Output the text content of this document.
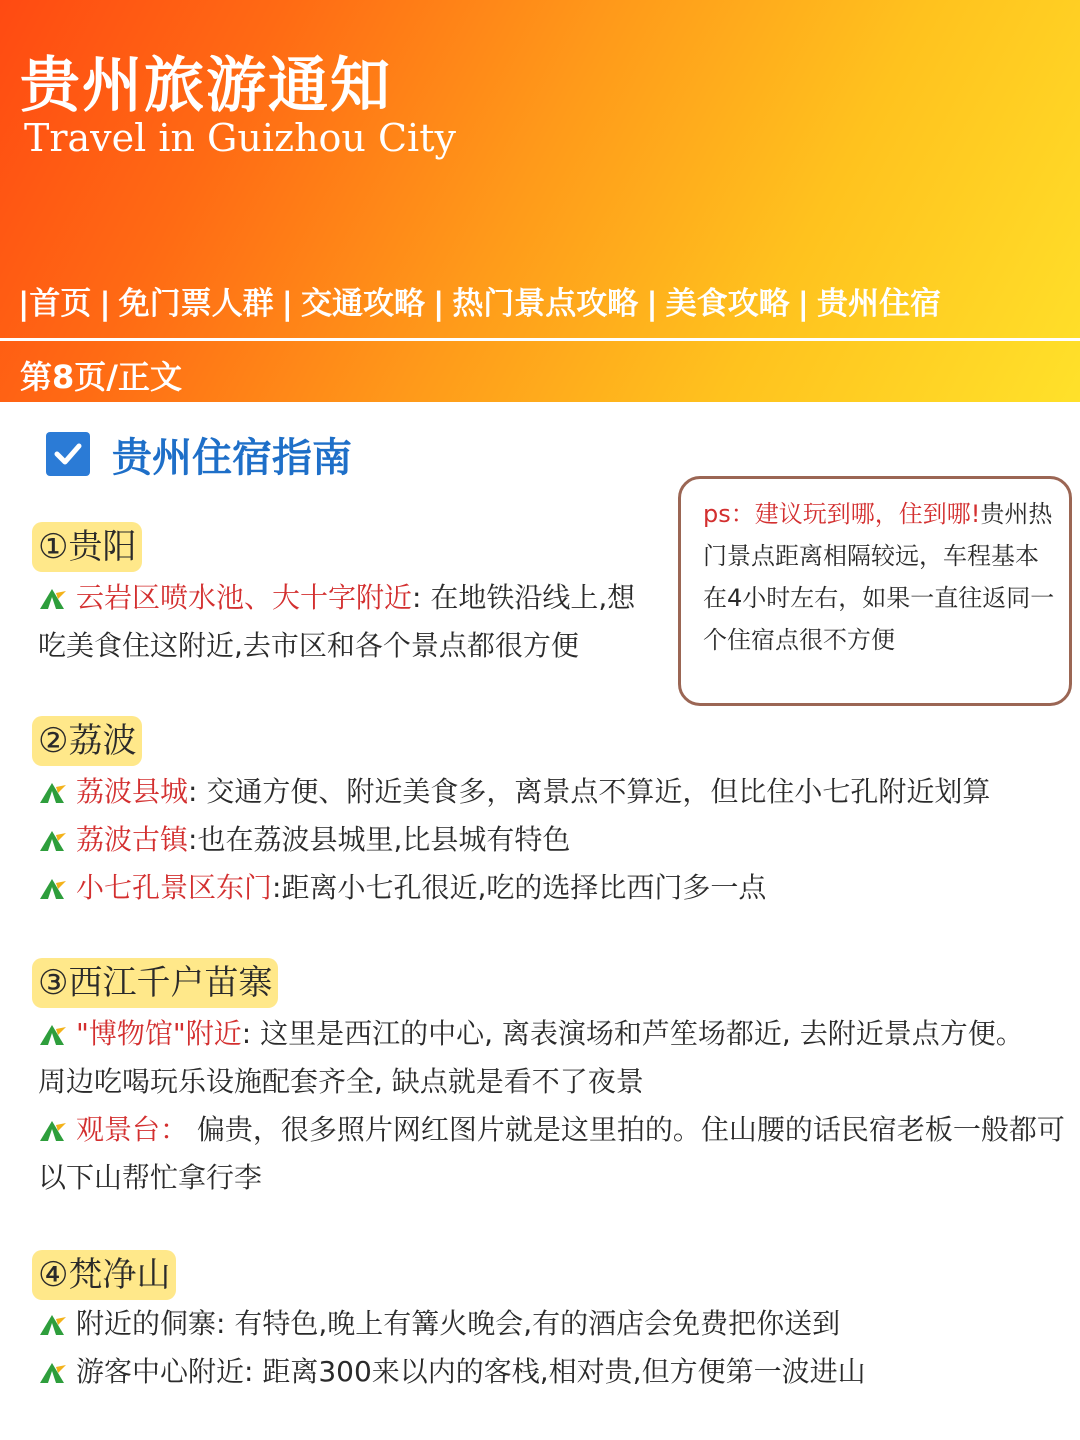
贵州旅游通知

Travel in Guizhou City

|首页 | 免门票人群 | 交通攻略 | 热门景点攻略 | 美食攻略 | 贵州住宿
第8页/正文
贵州住宿指南
ps：建议玩到哪，住到哪!贵州热门景点距离相隔较远，车程基本在4小时左右，如果一直往返同一个住宿点很不方便
①贵阳
云岩区喷水池、大十字附近: 在地铁沿线上,想吃美食住这附近,去市区和各个景点都很方便
②荔波
荔波县城: 交通方便、附近美食多，离景点不算近，但比住小七孔附近划算
荔波古镇:也在荔波县城里,比县城有特色
小七孔景区东门:距离小七孔很近,吃的选择比西门多一点
③西江千户苗寨
"博物馆"附近: 这里是西江的中心, 离表演场和芦笙场都近, 去附近景点方便。周边吃喝玩乐设施配套齐全, 缺点就是看不了夜景
观景台： 偏贵，很多照片网红图片就是这里拍的。住山腰的话民宿老板一般都可以下山帮忙拿行李
④梵净山
附近的侗寨: 有特色,晚上有篝火晚会,有的酒店会免费把你送到
游客中心附近: 距离300来以内的客栈,相对贵,但方便第一波进山
